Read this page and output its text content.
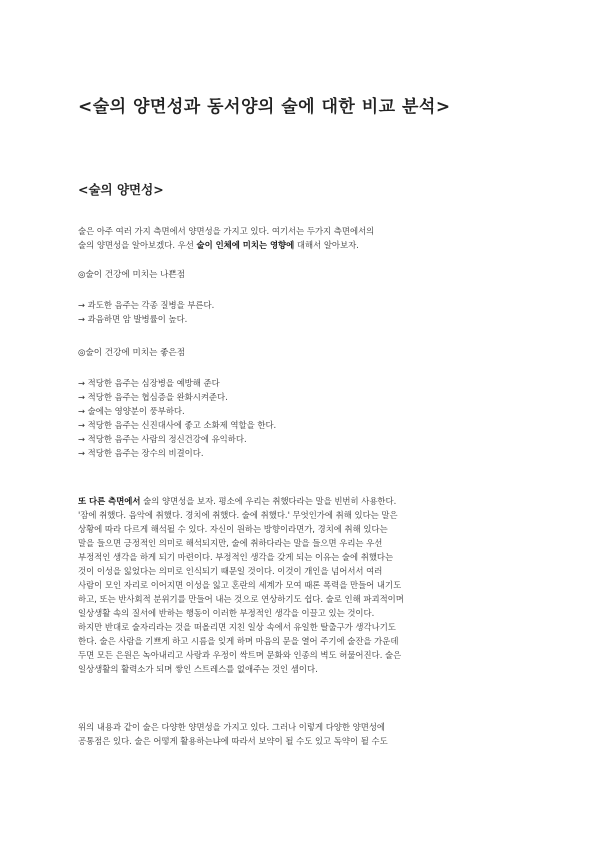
<술의 양면성과 동서양의 술에 대한 비교 분석>
<술의 양면성>
술은 아주 여러 가지 측면에서 양면성을 가지고 있다. 여기서는 두가지 측면에서의
술의 양면성을 알아보겠다. 우선 술이 인체에 미치는 영향에 대해서 알아보자.
◎술이 건강에 미치는 나쁜점
→ 과도한 음주는 각종 질병을 부른다.
→ 과음하면 암 발병률이 높다.
◎술이 건강에 미치는 좋은점
→ 적당한 음주는 심장병을 예방해 준다
→ 적당한 음주는 협심증을 완화시켜준다.
→ 술에는 영양분이 풍부하다.
→ 적당한 음주는 신진대사에 좋고 소화제 역할을 한다.
→ 적당한 음주는 사람의 정신건강에 유익하다.
→ 적당한 음주는 장수의 비결이다.
또 다른 측면에서 술의 양면성을 보자. 평소에 우리는 취했다라는 말을 빈번히 사용한다.
'잠에 취했다. 음악에 취했다. 경치에 취했다. 술에 취했다.' 무엇인가에 취해 있다는 말은
상황에 따라 다르게 해석될 수 있다. 자신이 원하는 방향이라면가, 경치에 취해 있다는
말을 들으면 긍정적인 의미로 해석되지만, 술에 취하다라는 말을 들으면 우리는 우선
부정적인 생각을 하게 되기 마련이다. 부정적인 생각을 갖게 되는 이유는 술에 취했다는
것이 이성을 잃었다는 의미로 인식되기 때문일 것이다. 이것이 개인을 넘어서서 여러
사람이 모인 자리로 이어지면 이성을 잃고 혼란의 세계가 모여 때론 폭력을 만들어 내기도
하고, 또는 반사회적 분위기를 만들어 내는 것으로 연상하기도 쉽다. 술로 인해 파괴적이며
일상생활 속의 질서에 반하는 행동이 이러한 부정적인 생각을 이끌고 있는 것이다.
하지만 반대로 술자리라는 것을 떠올리면 지친 일상 속에서 유일한 탈출구가 생각나기도
한다. 술은 사람을 기쁘게 하고 시름을 잊게 하며 마음의 문을 열어 주기에 술잔을 가운데
두면 모든 은원은 녹아내리고 사랑과 우정이 싹트며 문화와 인종의 벽도 허물어진다. 술은
일상생활의 활력소가 되며 쌓인 스트레스를 없애주는 것인 셈이다.
위의 내용과 같이 술은 다양한 양면성을 가지고 있다. 그러나 이렇게 다양한 양면성에
공통점은 있다. 술은 어떻게 활용하는냐에 따라서 보약이 될 수도 있고 독약이 될 수도
